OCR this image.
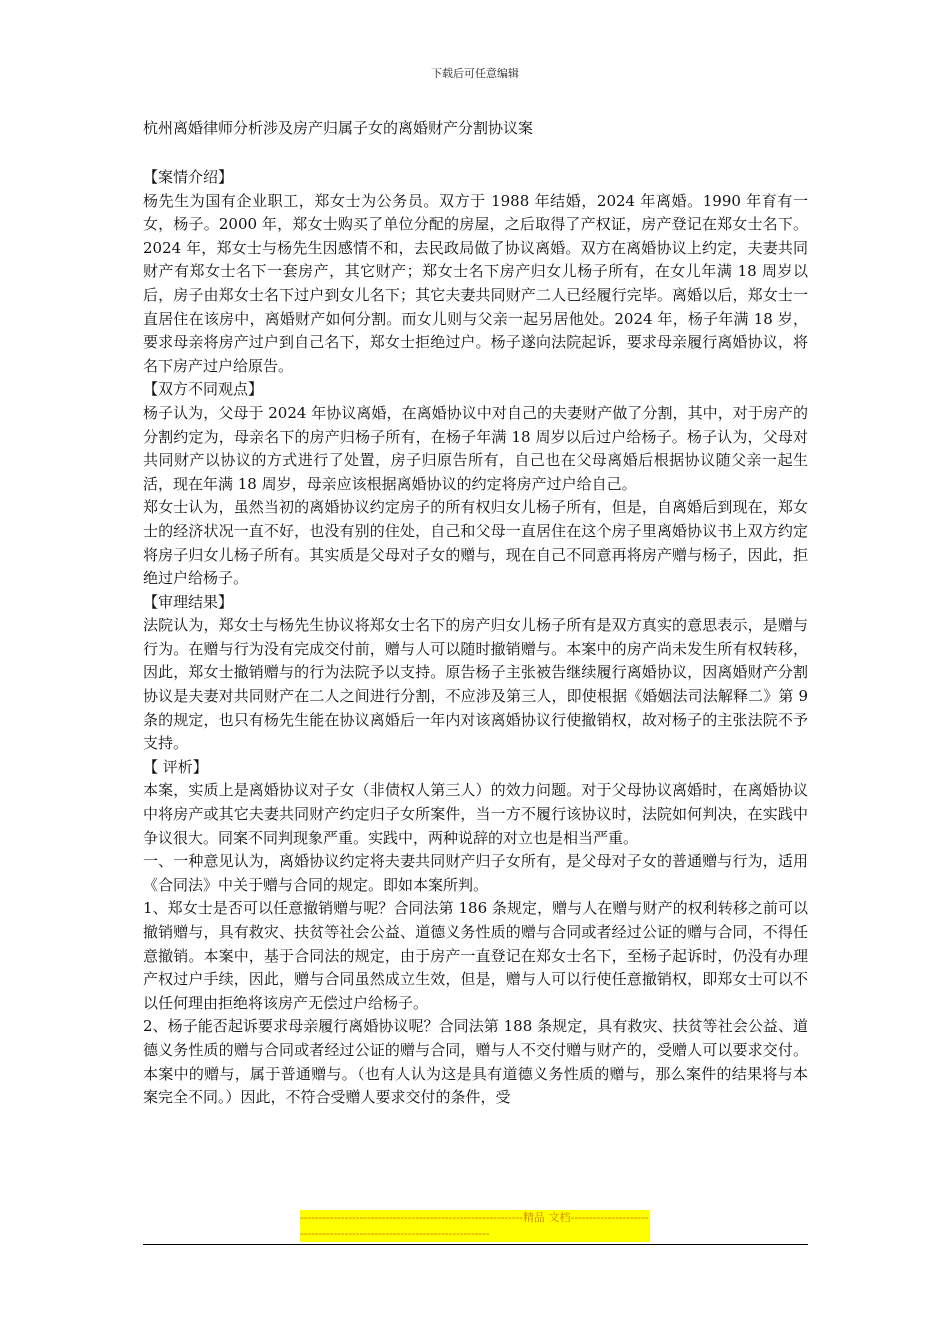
下载后可任意编辑

杭州离婚律师分析涉及房产归属子女的离婚财产分割协议案

【案情介绍】

杨先生为国有企业职工，郑女士为公务员。双方于 1988 年结婚，2024 年离婚。1990 年育有一女，杨子。2000 年，郑女士购买了单位分配的房屋，之后取得了产权证，房产登记在郑女士名下。2024 年，郑女士与杨先生因感情不和，去民政局做了协议离婚。双方在离婚协议上约定，夫妻共同财产有郑女士名下一套房产，其它财产；郑女士名下房产归女儿杨子所有，在女儿年满 18 周岁以后，房子由郑女士名下过户到女儿名下；其它夫妻共同财产二人已经履行完毕。离婚以后，郑女士一直居住在该房中，离婚财产如何分割。而女儿则与父亲一起另居他处。2024 年，杨子年满 18 岁，要求母亲将房产过户到自己名下，郑女士拒绝过户。杨子遂向法院起诉，要求母亲履行离婚协议，将名下房产过户给原告。

【双方不同观点】

杨子认为，父母于 2024 年协议离婚，在离婚协议中对自己的夫妻财产做了分割，其中，对于房产的分割约定为，母亲名下的房产归杨子所有，在杨子年满 18 周岁以后过户给杨子。杨子认为，父母对共同财产以协议的方式进行了处置，房子归原告所有，自己也在父母离婚后根据协议随父亲一起生活，现在年满 18 周岁，母亲应该根据离婚协议的约定将房产过户给自己。

郑女士认为，虽然当初的离婚协议约定房子的所有权归女儿杨子所有，但是，自离婚后到现在，郑女士的经济状况一直不好，也没有别的住处，自己和父母一直居住在这个房子里离婚协议书上双方约定将房子归女儿杨子所有。其实质是父母对子女的赠与，现在自己不同意再将房产赠与杨子，因此，拒绝过户给杨子。

【审理结果】

法院认为，郑女士与杨先生协议将郑女士名下的房产归女儿杨子所有是双方真实的意思表示，是赠与行为。在赠与行为没有完成交付前，赠与人可以随时撤销赠与。本案中的房产尚未发生所有权转移，因此，郑女士撤销赠与的行为法院予以支持。原告杨子主张被告继续履行离婚协议，因离婚财产分割协议是夫妻对共同财产在二人之间进行分割，不应涉及第三人，即使根据《婚姻法司法解释二》第 9 条的规定，也只有杨先生能在协议离婚后一年内对该离婚协议行使撤销权，故对杨子的主张法院不予支持。

【 评析】

本案，实质上是离婚协议对子女（非债权人第三人）的效力问题。对于父母协议离婚时，在离婚协议中将房产或其它夫妻共同财产约定归子女所案件，当一方不履行该协议时，法院如何判决，在实践中争议很大。同案不同判现象严重。实践中，两种说辞的对立也是相当严重。

一、一种意见认为，离婚协议约定将夫妻共同财产归子女所有，是父母对子女的普通赠与行为，适用《合同法》中关于赠与合同的规定。即如本案所判。

1、郑女士是否可以任意撤销赠与呢？合同法第 186 条规定，赠与人在赠与财产的权利转移之前可以撤销赠与，具有救灾、扶贫等社会公益、道德义务性质的赠与合同或者经过公证的赠与合同，不得任意撤销。本案中，基于合同法的规定，由于房产一直登记在郑女士名下，至杨子起诉时，仍没有办理产权过户手续，因此，赠与合同虽然成立生效，但是，赠与人可以行使任意撤销权，即郑女士可以不以任何理由拒绝将该房产无偿过户给杨子。

2、杨子能否起诉要求母亲履行离婚协议呢？合同法第 188 条规定，具有救灾、扶贫等社会公益、道德义务性质的赠与合同或者经过公证的赠与合同，赠与人不交付赠与财产的，受赠人可以要求交付。本案中的赠与，属于普通赠与。（也有人认为这是具有道德义务性质的赠与，那么案件的结果将与本案完全不同。）因此，不符合受赠人要求交付的条件，受

------------------------------------------------------------精品 文档------------------------------------------------------------------------
